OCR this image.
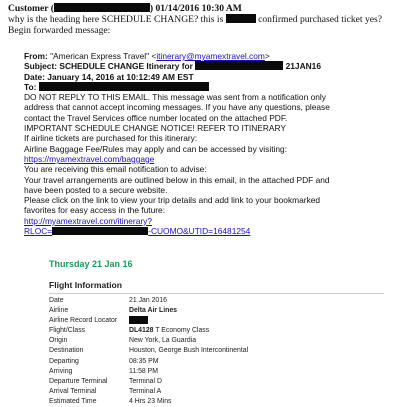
Customer (	) 01/14/2016 10:30 AM
why is the heading here SCHEDULE CHANGE? this is	confirmed purchased ticket yes?
Begin forwarded message:
From: "American Express Travel" <itinerary@myamextravel.com>
Subject: SCHEDULE CHANGE Itinerary for	21JAN16
Date: January 14, 2016 at 10:12:49 AM EST
To:
DO NOT REPLY TO THIS EMAIL. This message was sent from a notification only
address that cannot accept incoming messages. If you have any questions, please
contact the Travel Services office number located on the attached PDF.
IMPORTANT SCHEDULE CHANGE NOTICE! REFER TO ITINERARY
If airline tickets are purchased for this itinerary:
Airline Baggage Fee/Rules may apply and can be accessed by visiting:
https://myamextravel.com/baggage
You are receiving this email notification to advise:
Your travel arrangements are outlined below in this email, in the attached PDF and
have been posted to a secure website.
Please click on the link to view your trip details and add link to your bookmarked
favorites for easy access in the future:
http://myamextravel.com/itinerary?
RLOC=	-CUOMO&UTID=16481254
Thursday 21 Jan 16
Flight Information
Date	21 Jan 2016
Airline	Delta Air Lines
Airline Record Locator
Flight/Class	DL4128 T Economy Class
Origin	New York, La Guardia
Destination	Houston, George Bush Intercontinental
Departing	08:35 PM
Arriving	11:58 PM
Departure Terminal	Terminal D
Arrival Terminal	Terminal A
Estimated Time	4 Hrs 23 Mins
